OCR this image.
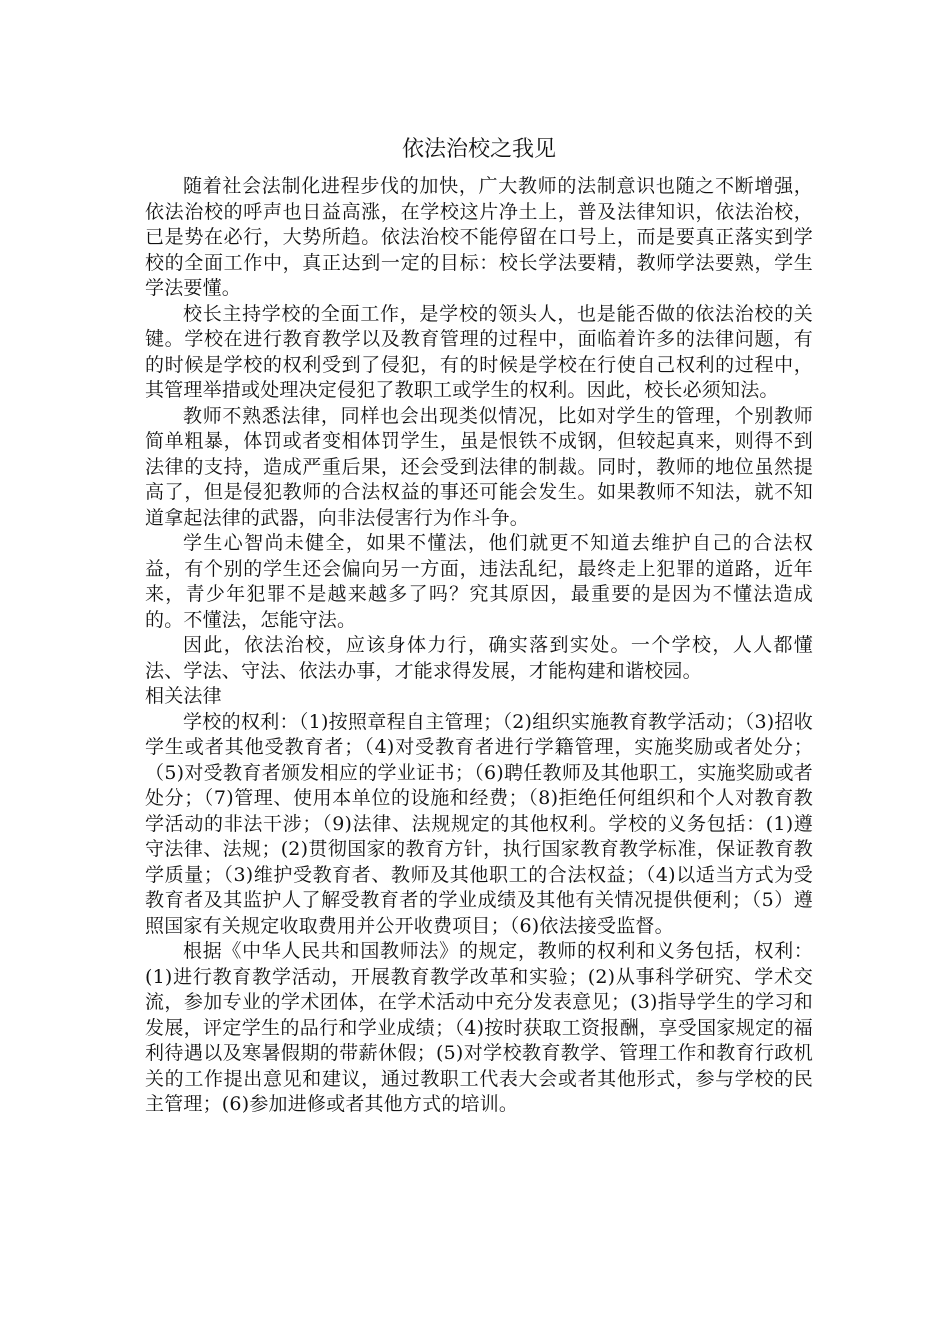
依法治校之我见

随着社会法制化进程步伐的加快，广大教师的法制意识也随之不断增强，依法治校的呼声也日益高涨，在学校这片净土上，普及法律知识，依法治校，已是势在必行，大势所趋。依法治校不能停留在口号上，而是要真正落实到学校的全面工作中，真正达到一定的目标：校长学法要精，教师学法要熟，学生学法要懂。

校长主持学校的全面工作，是学校的领头人，也是能否做的依法治校的关键。学校在进行教育教学以及教育管理的过程中，面临着许多的法律问题，有的时候是学校的权利受到了侵犯，有的时候是学校在行使自己权利的过程中，其管理举措或处理决定侵犯了教职工或学生的权利。因此，校长必须知法。

教师不熟悉法律，同样也会出现类似情况，比如对学生的管理，个别教师简单粗暴，体罚或者变相体罚学生，虽是恨铁不成钢，但较起真来，则得不到法律的支持，造成严重后果，还会受到法律的制裁。同时，教师的地位虽然提高了，但是侵犯教师的合法权益的事还可能会发生。如果教师不知法，就不知道拿起法律的武器，向非法侵害行为作斗争。

学生心智尚未健全，如果不懂法，他们就更不知道去维护自己的合法权益，有个别的学生还会偏向另一方面，违法乱纪，最终走上犯罪的道路，近年来，青少年犯罪不是越来越多了吗？究其原因，最重要的是因为不懂法造成的。不懂法，怎能守法。

因此，依法治校，应该身体力行，确实落到实处。一个学校，人人都懂法、学法、守法、依法办事，才能求得发展，才能构建和谐校园。

相关法律

学校的权利：（1)按照章程自主管理；（2)组织实施教育教学活动；（3)招收学生或者其他受教育者；（4)对受教育者进行学籍管理，实施奖励或者处分；（5)对受教育者颁发相应的学业证书；（6)聘任教师及其他职工，实施奖励或者处分；（7)管理、使用本单位的设施和经费；（8)拒绝任何组织和个人对教育教学活动的非法干涉；（9)法律、法规规定的其他权利。学校的义务包括：(1)遵守法律、法规；(2)贯彻国家的教育方针，执行国家教育教学标准，保证教育教学质量；（3)维护受教育者、教师及其他职工的合法权益；（4)以适当方式为受教育者及其监护人了解受教育者的学业成绩及其他有关情况提供便利；（5）遵照国家有关规定收取费用并公开收费项目；（6)依法接受监督。

根据《中华人民共和国教师法》的规定，教师的权利和义务包括，权利：(1)进行教育教学活动，开展教育教学改革和实验；(2)从事科学研究、学术交流，参加专业的学术团体，在学术活动中充分发表意见；(3)指导学生的学习和发展，评定学生的品行和学业成绩；（4)按时获取工资报酬，享受国家规定的福利待遇以及寒暑假期的带薪休假；(5)对学校教育教学、管理工作和教育行政机关的工作提出意见和建议，通过教职工代表大会或者其他形式，参与学校的民主管理；(6)参加进修或者其他方式的培训。
